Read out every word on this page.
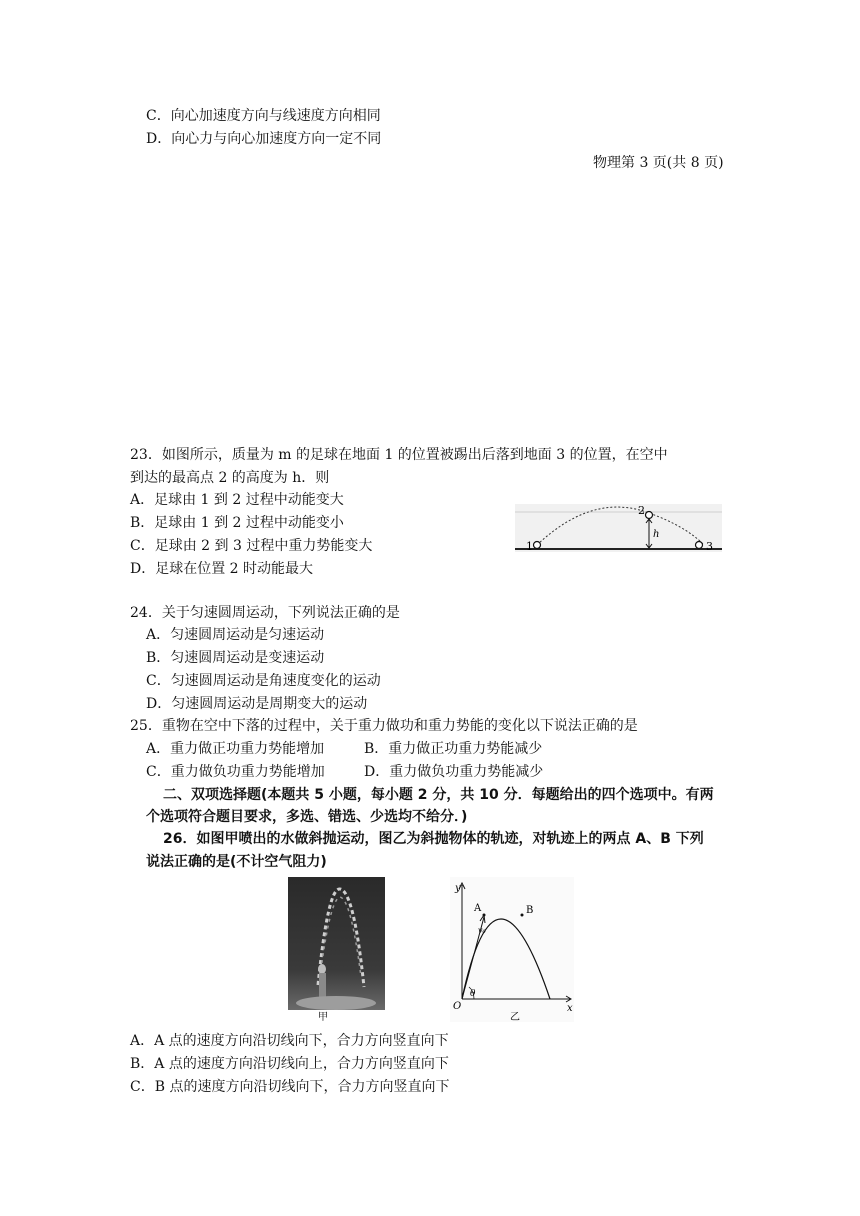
C．向心加速度方向与线速度方向相同
D．向心力与向心加速度方向一定不同
物理第 3 页(共 8 页)
23．如图所示，质量为 m 的足球在地面 1 的位置被踢出后落到地面 3 的位置，在空中
到达的最高点 2 的高度为 h．则
A．足球由 1 到 2 过程中动能变大
B．足球由 1 到 2 过程中动能变小
C．足球由 2 到 3 过程中重力势能变大
D．足球在位置 2 时动能最大
1
2
3
h
24．关于匀速圆周运动，下列说法正确的是
A．匀速圆周运动是匀速运动
B．匀速圆周运动是变速运动
C．匀速圆周运动是角速度变化的运动
D．匀速圆周运动是周期变大的运动
25．重物在空中下落的过程中，关于重力做功和重力势能的变化以下说法正确的是
A．重力做正功重力势能增加	B．重力做正功重力势能减少
C．重力做负功重力势能增加	D．重力做负功重力势能减少
二、双项选择题(本题共 5 小题，每小题 2 分，共 10 分．每题给出的四个选项中。有两
个选项符合题目要求，多选、错选、少选均不给分．)
26．如图甲喷出的水做斜抛运动，图乙为斜抛物体的轨迹，对轨迹上的两点 A、B 下列
说法正确的是(不计空气阻力)
甲
y
x
O
θ
A	B
v₀
乙
A．A 点的速度方向沿切线向下，合力方向竖直向下
B．A 点的速度方向沿切线向上，合力方向竖直向下
C．B 点的速度方向沿切线向下，合力方向竖直向下
